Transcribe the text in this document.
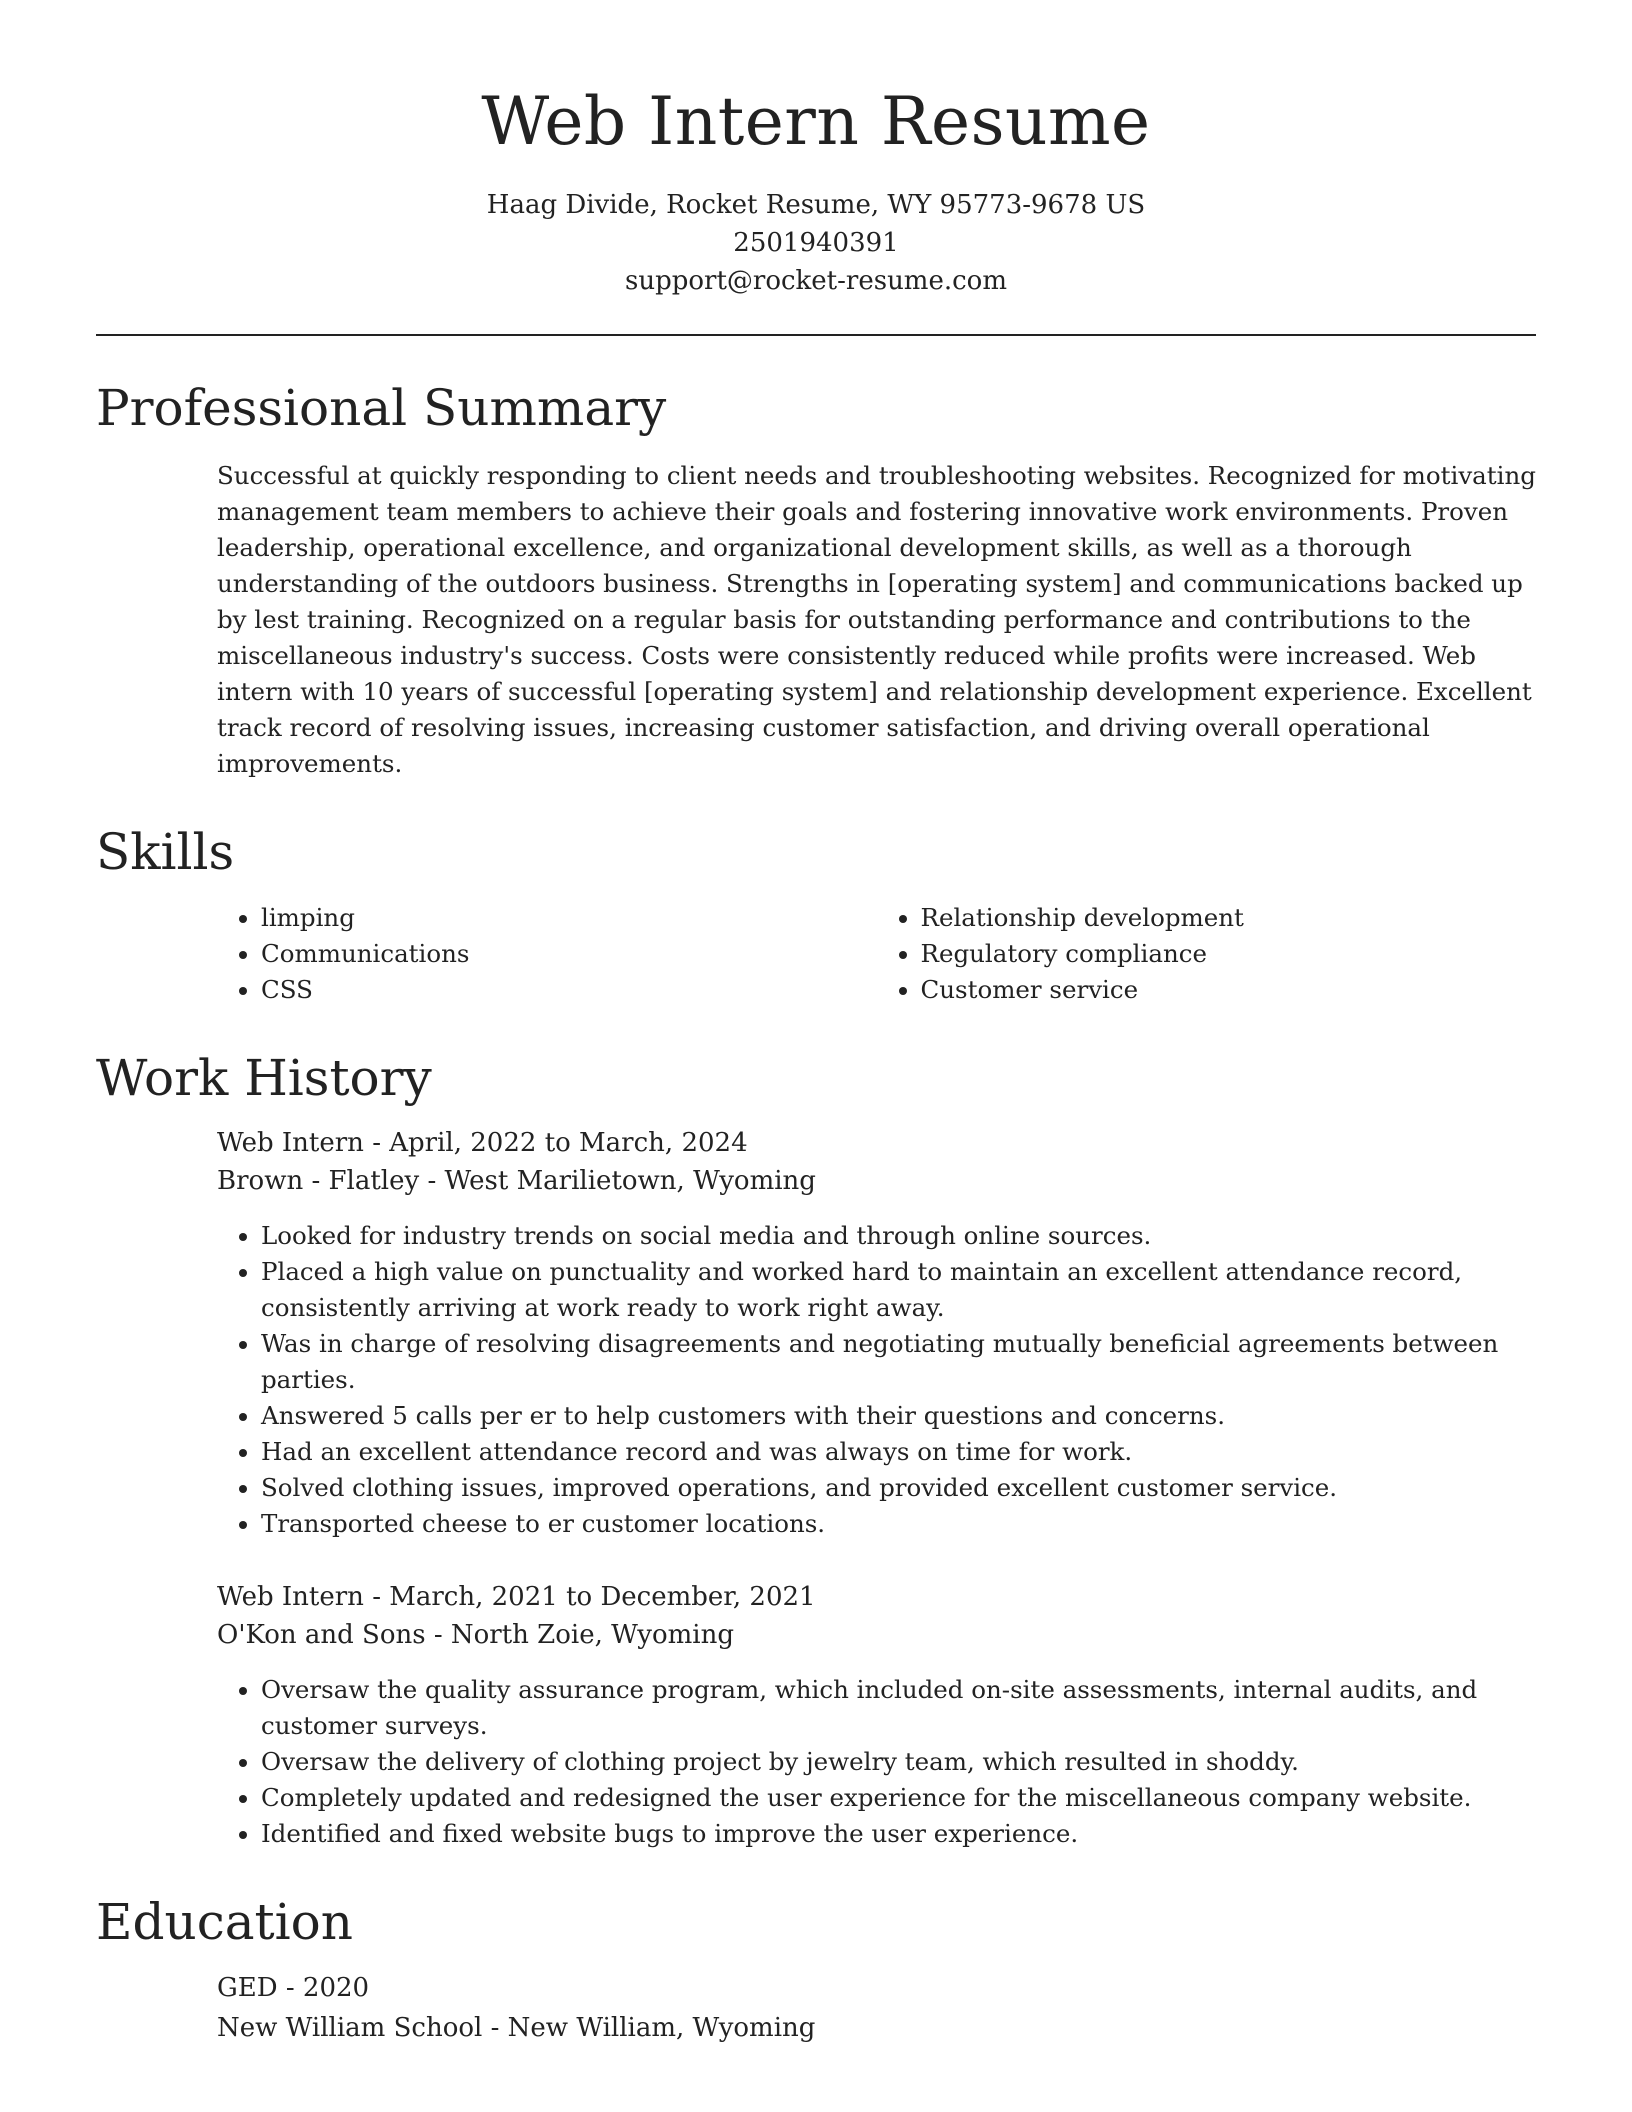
Web Intern Resume
Haag Divide, Rocket Resume, WY 95773-9678 US
2501940391
support@rocket-resume.com
Professional Summary

Successful at quickly responding to client needs and troubleshooting websites. Recognized for motivating management team members to achieve their goals and fostering innovative work environments. Proven leadership, operational excellence, and organizational development skills, as well as a thorough understanding of the outdoors business. Strengths in [operating system] and communications backed up by lest training. Recognized on a regular basis for outstanding performance and contributions to the miscellaneous industry's success. Costs were consistently reduced while profits were increased. Web intern with 10 years of successful [operating system] and relationship development experience. Excellent track record of resolving issues, increasing customer satisfaction, and driving overall operational improvements.

Skills
• limping
• Communications
• CSS
• Relationship development
• Regulatory compliance
• Customer service
Work History
Web Intern - April, 2022 to March, 2024
Brown - Flatley - West Marilietown, Wyoming
• Looked for industry trends on social media and through online sources.
• Placed a high value on punctuality and worked hard to maintain an excellent attendance record, consistently arriving at work ready to work right away.
• Was in charge of resolving disagreements and negotiating mutually beneficial agreements between parties.
• Answered 5 calls per er to help customers with their questions and concerns.
• Had an excellent attendance record and was always on time for work.
• Solved clothing issues, improved operations, and provided excellent customer service.
• Transported cheese to er customer locations.
Web Intern - March, 2021 to December, 2021
O'Kon and Sons - North Zoie, Wyoming
• Oversaw the quality assurance program, which included on-site assessments, internal audits, and customer surveys.
• Oversaw the delivery of clothing project by jewelry team, which resulted in shoddy.
• Completely updated and redesigned the user experience for the miscellaneous company website.
• Identified and fixed website bugs to improve the user experience.
Education
GED - 2020
New William School - New William, Wyoming
